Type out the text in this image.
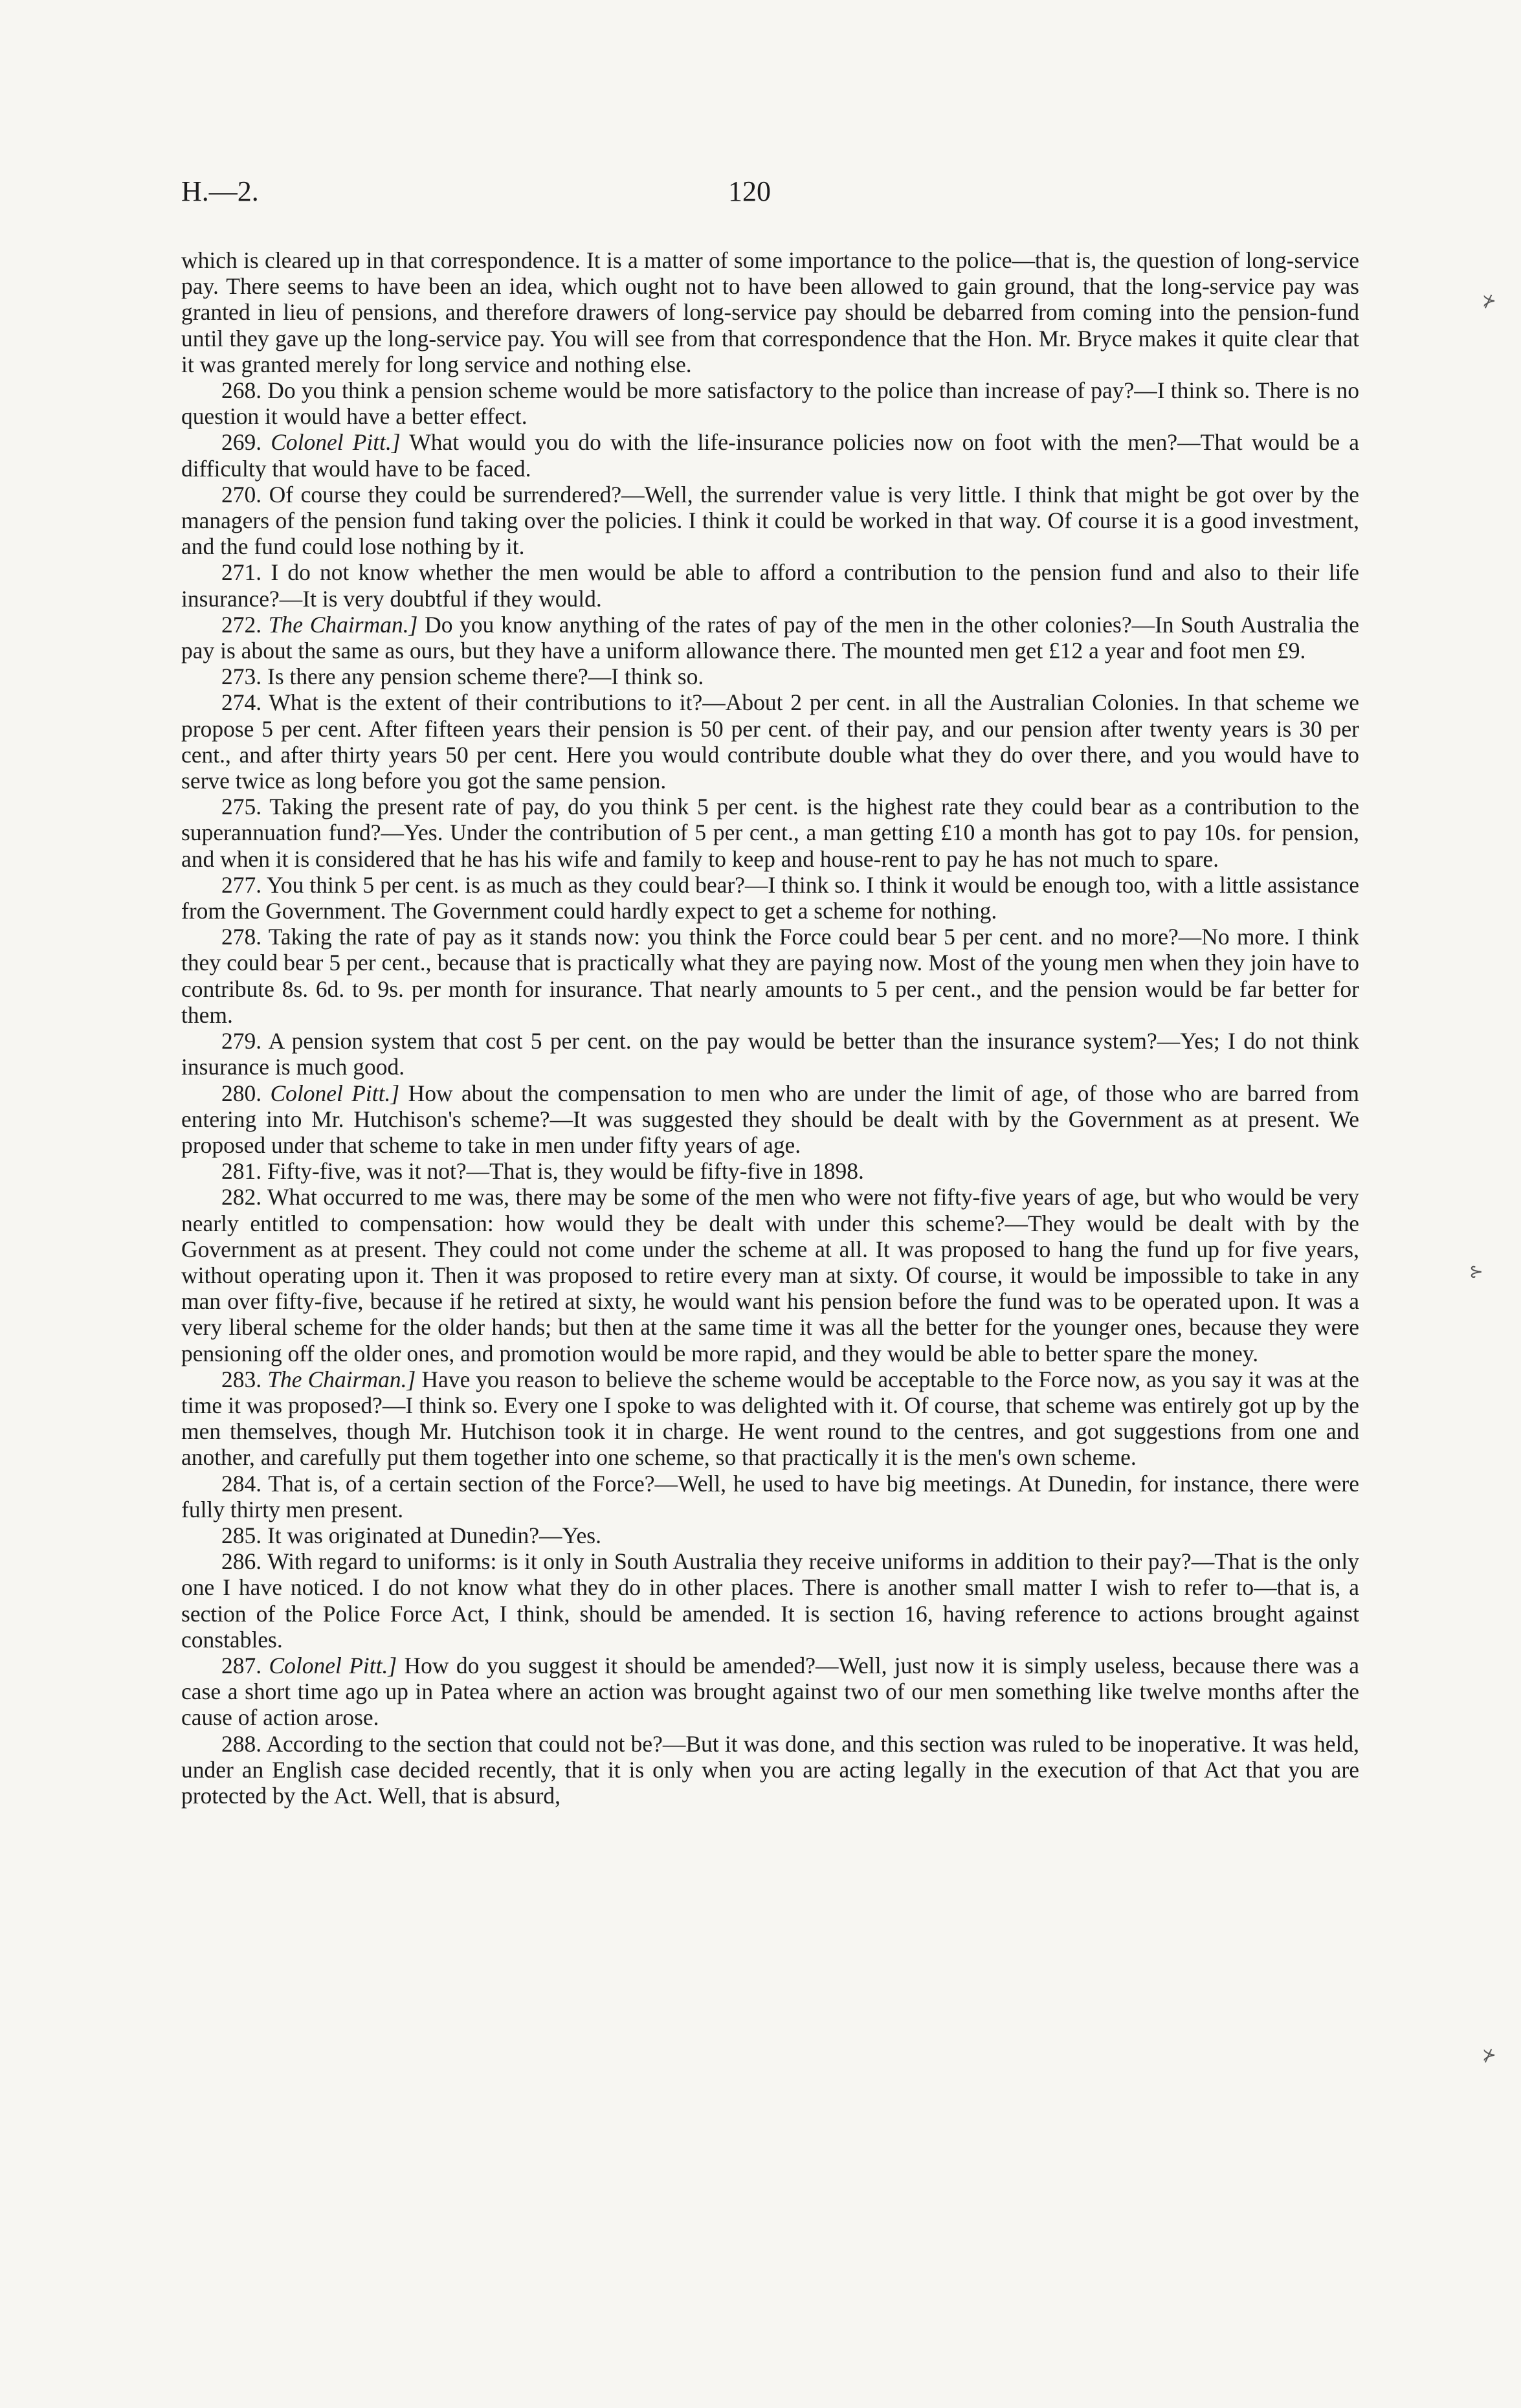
H.—2.	120

which is cleared up in that correspondence. It is a matter of some importance to the police—that is, the question of long-service pay. There seems to have been an idea, which ought not to have been allowed to gain ground, that the long-service pay was granted in lieu of pensions, and therefore drawers of long-service pay should be debarred from coming into the pension-fund until they gave up the long-service pay. You will see from that correspondence that the Hon. Mr. Bryce makes it quite clear that it was granted merely for long service and nothing else.

268. Do you think a pension scheme would be more satisfactory to the police than increase of pay?—I think so. There is no question it would have a better effect.

269. Colonel Pitt.] What would you do with the life-insurance policies now on foot with the men?—That would be a difficulty that would have to be faced.

270. Of course they could be surrendered?—Well, the surrender value is very little. I think that might be got over by the managers of the pension fund taking over the policies. I think it could be worked in that way. Of course it is a good investment, and the fund could lose nothing by it.

271. I do not know whether the men would be able to afford a contribution to the pension fund and also to their life insurance?—It is very doubtful if they would.

272. The Chairman.] Do you know anything of the rates of pay of the men in the other colonies?—In South Australia the pay is about the same as ours, but they have a uniform allowance there. The mounted men get £12 a year and foot men £9.

273. Is there any pension scheme there?—I think so.

274. What is the extent of their contributions to it?—About 2 per cent. in all the Australian Colonies. In that scheme we propose 5 per cent. After fifteen years their pension is 50 per cent. of their pay, and our pension after twenty years is 30 per cent., and after thirty years 50 per cent. Here you would contribute double what they do over there, and you would have to serve twice as long before you got the same pension.

275. Taking the present rate of pay, do you think 5 per cent. is the highest rate they could bear as a contribution to the superannuation fund?—Yes. Under the contribution of 5 per cent., a man getting £10 a month has got to pay 10s. for pension, and when it is considered that he has his wife and family to keep and house-rent to pay he has not much to spare.

277. You think 5 per cent. is as much as they could bear?—I think so. I think it would be enough too, with a little assistance from the Government. The Government could hardly expect to get a scheme for nothing.

278. Taking the rate of pay as it stands now: you think the Force could bear 5 per cent. and no more?—No more. I think they could bear 5 per cent., because that is practically what they are paying now. Most of the young men when they join have to contribute 8s. 6d. to 9s. per month for insurance. That nearly amounts to 5 per cent., and the pension would be far better for them.

279. A pension system that cost 5 per cent. on the pay would be better than the insurance system?—Yes; I do not think insurance is much good.

280. Colonel Pitt.] How about the compensation to men who are under the limit of age, of those who are barred from entering into Mr. Hutchison's scheme?—It was suggested they should be dealt with by the Government as at present. We proposed under that scheme to take in men under fifty years of age.

281. Fifty-five, was it not?—That is, they would be fifty-five in 1898.

282. What occurred to me was, there may be some of the men who were not fifty-five years of age, but who would be very nearly entitled to compensation: how would they be dealt with under this scheme?—They would be dealt with by the Government as at present. They could not come under the scheme at all. It was proposed to hang the fund up for five years, without operating upon it. Then it was proposed to retire every man at sixty. Of course, it would be impossible to take in any man over fifty-five, because if he retired at sixty, he would want his pension before the fund was to be operated upon. It was a very liberal scheme for the older hands; but then at the same time it was all the better for the younger ones, because they were pensioning off the older ones, and promotion would be more rapid, and they would be able to better spare the money.

283. The Chairman.] Have you reason to believe the scheme would be acceptable to the Force now, as you say it was at the time it was proposed?—I think so. Every one I spoke to was delighted with it. Of course, that scheme was entirely got up by the men themselves, though Mr. Hutchison took it in charge. He went round to the centres, and got suggestions from one and another, and carefully put them together into one scheme, so that practically it is the men's own scheme.

284. That is, of a certain section of the Force?—Well, he used to have big meetings. At Dunedin, for instance, there were fully thirty men present.

285. It was originated at Dunedin?—Yes.

286. With regard to uniforms: is it only in South Australia they receive uniforms in addition to their pay?—That is the only one I have noticed. I do not know what they do in other places. There is another small matter I wish to refer to—that is, a section of the Police Force Act, I think, should be amended. It is section 16, having reference to actions brought against constables.

287. Colonel Pitt.] How do you suggest it should be amended?—Well, just now it is simply useless, because there was a case a short time ago up in Patea where an action was brought against two of our men something like twelve months after the cause of action arose.

288. According to the section that could not be?—But it was done, and this section was ruled to be inoperative. It was held, under an English case decided recently, that it is only when you are acting legally in the execution of that Act that you are protected by the Act. Well, that is absurd,

⊁
⊱
⊁
